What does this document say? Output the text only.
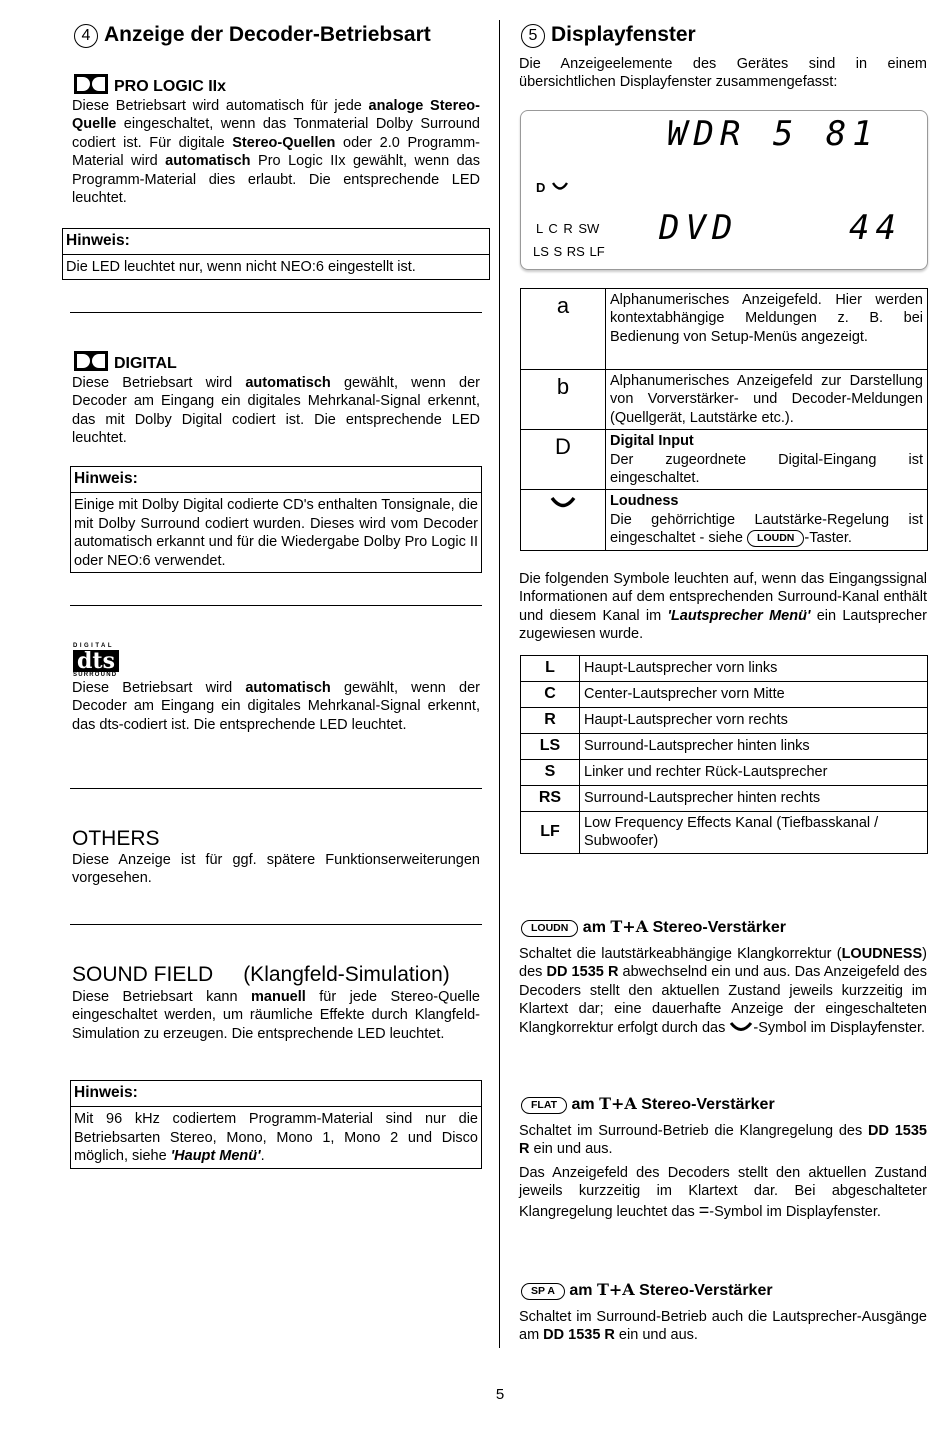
4 Anzeige der Decoder-Betriebsart
PRO LOGIC IIx

Diese Betriebsart wird automatisch für jede analoge Stereo-Quelle eingeschaltet, wenn das Tonmaterial Dolby Surround codiert ist. Für digitale Stereo-Quellen oder 2.0 Programm-Material wird automatisch Pro Logic IIx gewählt, wenn das Programm-Material dies erlaubt. Die entsprechende LED leuchtet.

Hinweis:
Die LED leuchtet nur, wenn nicht NEO:6 eingestellt ist.
DIGITAL

Diese Betriebsart wird automatisch gewählt, wenn der Decoder am Eingang ein digitales Mehrkanal-Signal erkennt, das mit Dolby Digital codiert ist. Die entsprechende LED leuchtet.

Hinweis:
Einige mit Dolby Digital codierte CD's enthalten Tonsignale, die mit Dolby Surround codiert wurden. Dieses wird vom Decoder automatisch erkannt und für die Wiedergabe Dolby Pro Logic II oder NEO:6 verwendet.
DIGITAL
dts
SURROUND

Diese Betriebsart wird automatisch gewählt, wenn der Decoder am Eingang ein digitales Mehrkanal-Signal erkennt, das dts-codiert ist. Die entsprechende LED leuchtet.

OTHERS

Diese Anzeige ist für ggf. spätere Funktionserweiterungen vorgesehen.

SOUND FIELD (Klangfeld-Simulation)

Diese Betriebsart kann manuell für jede Stereo-Quelle eingeschaltet werden, um räumliche Effekte durch Klangfeld-Simulation zu erzeugen. Die entsprechende LED leuchtet.

Hinweis:
Mit 96 kHz codiertem Programm-Material sind nur die Betriebsarten Stereo, Mono, Mono 1, Mono 2 und Disco möglich, siehe 'Haupt Menü'.
5 Displayfenster

Die Anzeigeelemente des Gerätes sind in einem übersichtlichen Displayfenster zusammengefasst:

WDR 5 81
D
L C R SW
LS S RS LF
DVD	44
a	Alphanumerisches Anzeigefeld. Hier werden kontextabhängige Meldungen z. B. bei Bedienung von Setup-Menüs angezeigt.
b	Alphanumerisches Anzeigefeld zur Darstellung von Vorverstärker- und Decoder-Meldungen (Quellgerät, Lautstärke etc.).
D	Digital Input
Der zugeordnete Digital-Eingang ist eingeschaltet.
	Loudness
Die gehörrichtige Lautstärke-Regelung ist eingeschaltet - siehe LOUDN -Taster.

Die folgenden Symbole leuchten auf, wenn das Eingangssignal Informationen auf dem entsprechenden Surround-Kanal enthält und diesem Kanal im 'Lautsprecher Menü' ein Lautsprecher zugewiesen wurde.

L	Haupt-Lautsprecher vorn links
C	Center-Lautsprecher vorn Mitte
R	Haupt-Lautsprecher vorn rechts
LS	Surround-Lautsprecher hinten links
S	Linker und rechter Rück-Lautsprecher
RS	Surround-Lautsprecher hinten rechts
LF	Low Frequency Effects Kanal (Tiefbasskanal / Subwoofer)
LOUDN am T+A Stereo-Verstärker

Schaltet die lautstärkeabhängige Klangkorrektur (LOUDNESS) des DD 1535 R abwechselnd ein und aus. Das Anzeigefeld des Decoders stellt den aktuellen Zustand jeweils kurzzeitig im Klartext dar; eine dauerhafte Anzeige der eingeschalteten Klangkorrektur erfolgt durch das -Symbol im Displayfenster.

FLAT am T+A Stereo-Verstärker

Schaltet im Surround-Betrieb die Klangregelung des DD 1535 R ein und aus.

Das Anzeigefeld des Decoders stellt den aktuellen Zustand jeweils kurzzeitig im Klartext dar. Bei abgeschalteter Klangregelung leuchtet das =-Symbol im Displayfenster.

SP A am T+A Stereo-Verstärker

Schaltet im Surround-Betrieb auch die Lautsprecher-Ausgänge am DD 1535 R ein und aus.

5
